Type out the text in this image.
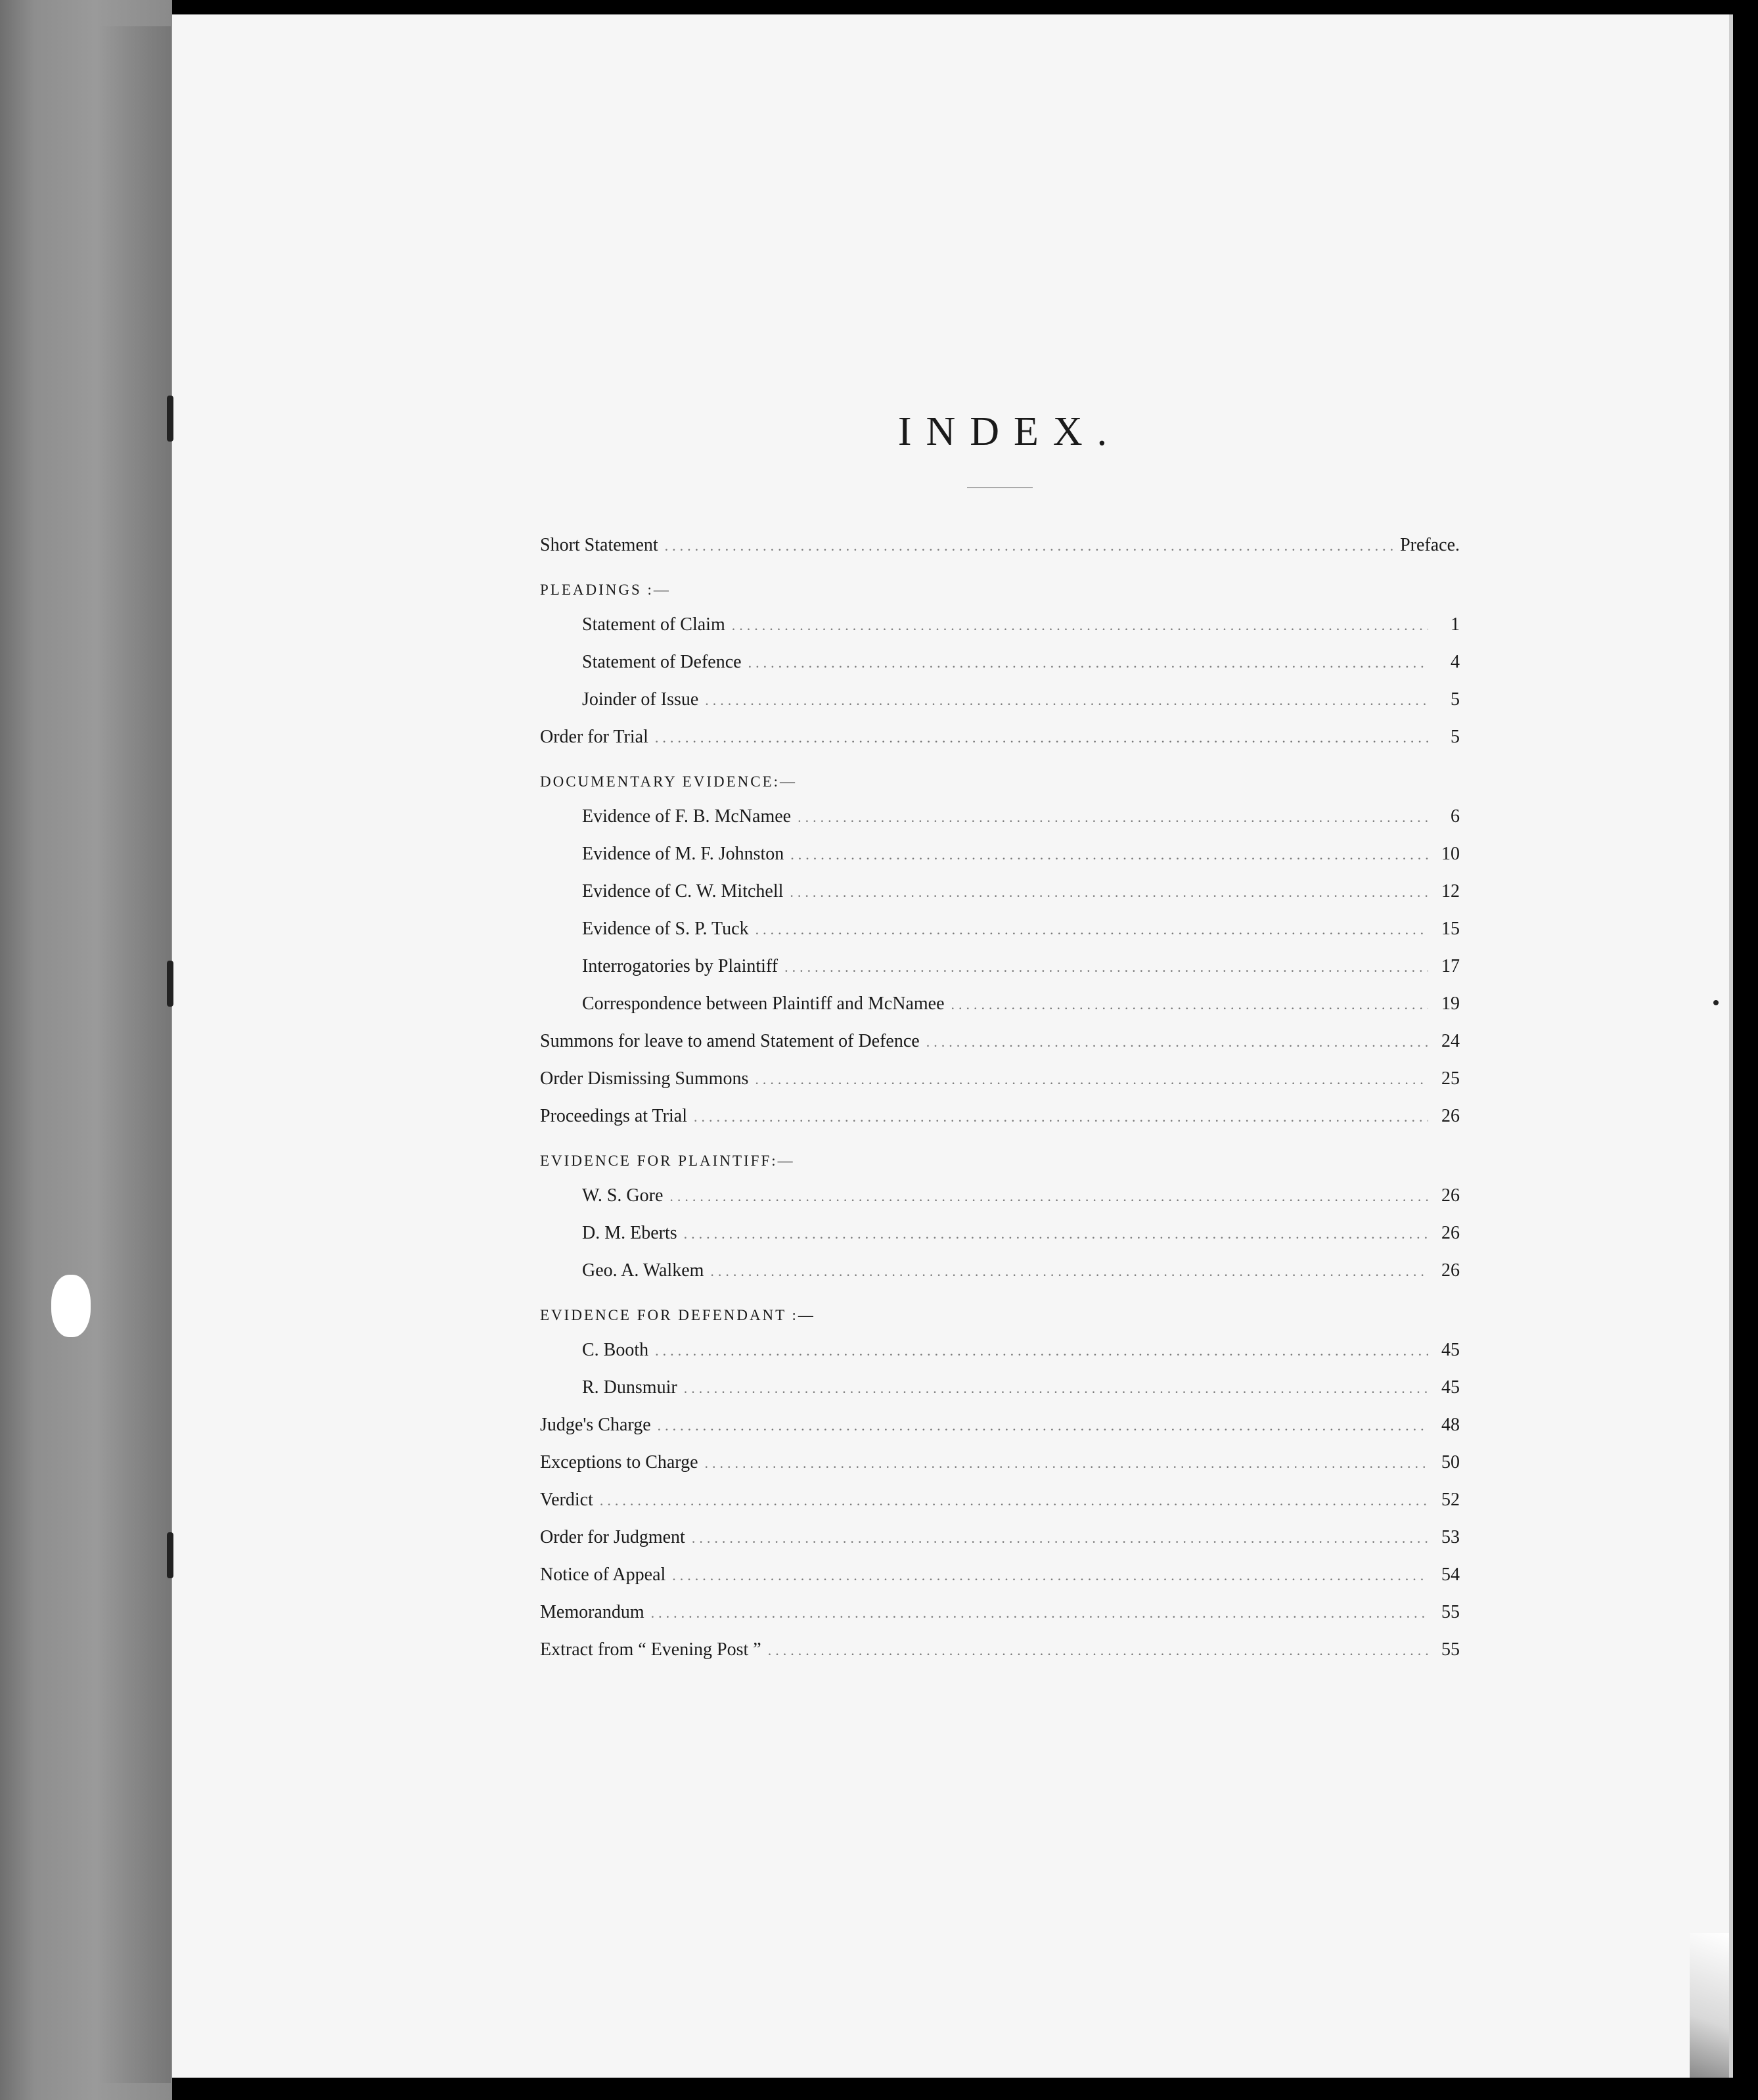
INDEX.
Short Statement .....	Preface.
PLEADINGS :—
Statement of Claim .....	1
Statement of Defence .....	4
Joinder of Issue .....	5
Order for Trial .....	5
DOCUMENTARY EVIDENCE:—
Evidence of F. B. McNamee .....	6
Evidence of M. F. Johnston .....	10
Evidence of C. W. Mitchell .....	12
Evidence of S. P. Tuck .....	15
Interrogatories by Plaintiff .....	17
Correspondence between Plaintiff and McNamee .....	19
Summons for leave to amend Statement of Defence .....	24
Order Dismissing Summons .....	25
Proceedings at Trial .....	26
EVIDENCE FOR PLAINTIFF:—
W. S. Gore .....	26
D. M. Eberts .....	26
Geo. A. Walkem .....	26
EVIDENCE FOR DEFENDANT :—
C. Booth .....	45
R. Dunsmuir .....	45
Judge's Charge .....	48
Exceptions to Charge .....	50
Verdict .....	52
Order for Judgment .....	53
Notice of Appeal .....	54
Memorandum .....	55
Extract from “ Evening Post ” .....	55
